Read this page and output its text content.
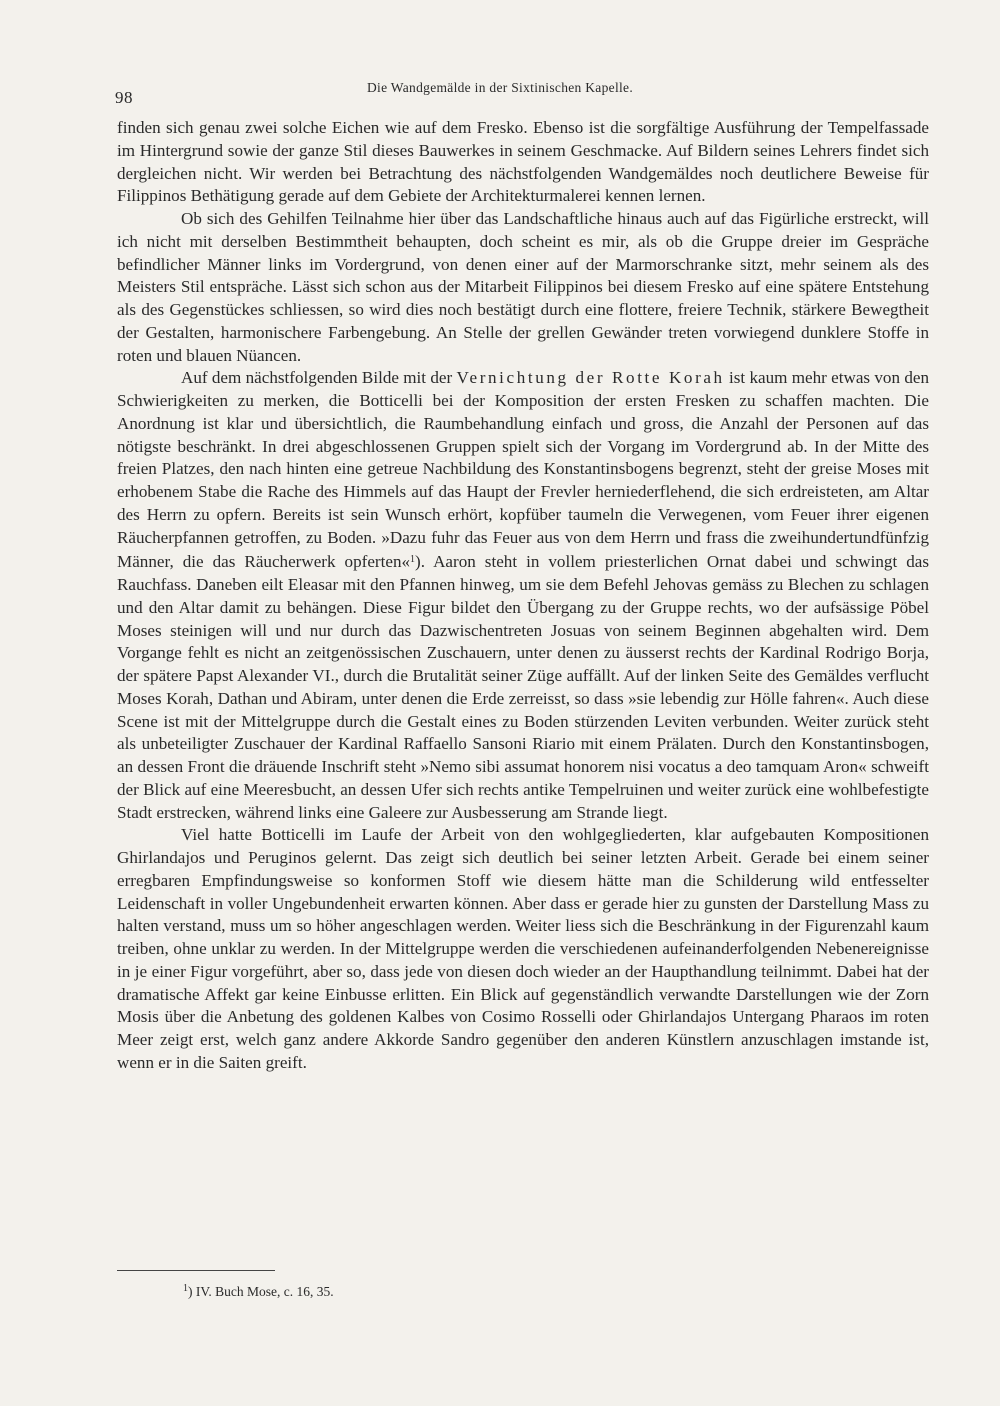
98
Die Wandgemälde in der Sixtinischen Kapelle.

finden sich genau zwei solche Eichen wie auf dem Fresko. Ebenso ist die sorgfältige Ausführung der Tempelfassade im Hintergrund sowie der ganze Stil dieses Bauwerkes in seinem Geschmacke. Auf Bildern seines Lehrers findet sich dergleichen nicht. Wir werden bei Betrachtung des nächstfolgenden Wandgemäldes noch deutlichere Beweise für Filippinos Bethätigung gerade auf dem Gebiete der Architekturmalerei kennen lernen.

Ob sich des Gehilfen Teilnahme hier über das Landschaftliche hinaus auch auf das Figürliche erstreckt, will ich nicht mit derselben Bestimmtheit behaupten, doch scheint es mir, als ob die Gruppe dreier im Gespräche befindlicher Männer links im Vordergrund, von denen einer auf der Marmorschranke sitzt, mehr seinem als des Meisters Stil entspräche. Lässt sich schon aus der Mitarbeit Filippinos bei diesem Fresko auf eine spätere Entstehung als des Gegenstückes schliessen, so wird dies noch bestätigt durch eine flottere, freiere Technik, stärkere Bewegtheit der Gestalten, harmonischere Farbengebung. An Stelle der grellen Gewänder treten vorwiegend dunklere Stoffe in roten und blauen Nüancen.

Auf dem nächstfolgenden Bilde mit der Vernichtung der Rotte Korah ist kaum mehr etwas von den Schwierigkeiten zu merken, die Botticelli bei der Komposition der ersten Fresken zu schaffen machten. Die Anordnung ist klar und übersichtlich, die Raumbehandlung einfach und gross, die Anzahl der Personen auf das nötigste beschränkt. In drei abgeschlossenen Gruppen spielt sich der Vorgang im Vordergrund ab. In der Mitte des freien Platzes, den nach hinten eine getreue Nachbildung des Konstantinsbogens begrenzt, steht der greise Moses mit erhobenem Stabe die Rache des Himmels auf das Haupt der Frevler herniederflehend, die sich erdreisteten, am Altar des Herrn zu opfern. Bereits ist sein Wunsch erhört, kopfüber taumeln die Verwegenen, vom Feuer ihrer eigenen Räucherpfannen getroffen, zu Boden. »Dazu fuhr das Feuer aus von dem Herrn und frass die zweihundertundfünfzig Männer, die das Räucherwerk opferten«$^1$). Aaron steht in vollem priesterlichen Ornat dabei und schwingt das Rauchfass. Daneben eilt Eleasar mit den Pfannen hinweg, um sie dem Befehl Jehovas gemäss zu Blechen zu schlagen und den Altar damit zu behängen. Diese Figur bildet den Übergang zu der Gruppe rechts, wo der aufsässige Pöbel Moses steinigen will und nur durch das Dazwischentreten Josuas von seinem Beginnen abgehalten wird. Dem Vorgange fehlt es nicht an zeitgenössischen Zuschauern, unter denen zu äusserst rechts der Kardinal Rodrigo Borja, der spätere Papst Alexander VI., durch die Brutalität seiner Züge auffällt. Auf der linken Seite des Gemäldes verflucht Moses Korah, Dathan und Abiram, unter denen die Erde zerreisst, so dass »sie lebendig zur Hölle fahren«. Auch diese Scene ist mit der Mittelgruppe durch die Gestalt eines zu Boden stürzenden Leviten verbunden. Weiter zurück steht als unbeteiligter Zuschauer der Kardinal Raffaello Sansoni Riario mit einem Prälaten. Durch den Konstantinsbogen, an dessen Front die dräuende Inschrift steht »Nemo sibi assumat honorem nisi vocatus a deo tamquam Aron« schweift der Blick auf eine Meeresbucht, an dessen Ufer sich rechts antike Tempelruinen und weiter zurück eine wohlbefestigte Stadt erstrecken, während links eine Galeere zur Ausbesserung am Strande liegt.

Viel hatte Botticelli im Laufe der Arbeit von den wohlgegliederten, klar aufgebauten Kompositionen Ghirlandajos und Peruginos gelernt. Das zeigt sich deutlich bei seiner letzten Arbeit. Gerade bei einem seiner erregbaren Empfindungsweise so konformen Stoff wie diesem hätte man die Schilderung wild entfesselter Leidenschaft in voller Ungebundenheit erwarten können. Aber dass er gerade hier zu gunsten der Darstellung Mass zu halten verstand, muss um so höher angeschlagen werden. Weiter liess sich die Beschränkung in der Figurenzahl kaum treiben, ohne unklar zu werden. In der Mittelgruppe werden die verschiedenen aufeinanderfolgenden Nebenereignisse in je einer Figur vorgeführt, aber so, dass jede von diesen doch wieder an der Haupthandlung teilnimmt. Dabei hat der dramatische Affekt gar keine Einbusse erlitten. Ein Blick auf gegenständlich verwandte Darstellungen wie der Zorn Mosis über die Anbetung des goldenen Kalbes von Cosimo Rosselli oder Ghirlandajos Untergang Pharaos im roten Meer zeigt erst, welch ganz andere Akkorde Sandro gegenüber den anderen Künstlern anzuschlagen imstande ist, wenn er in die Saiten greift.

$^1$) IV. Buch Mose, c. 16, 35.
